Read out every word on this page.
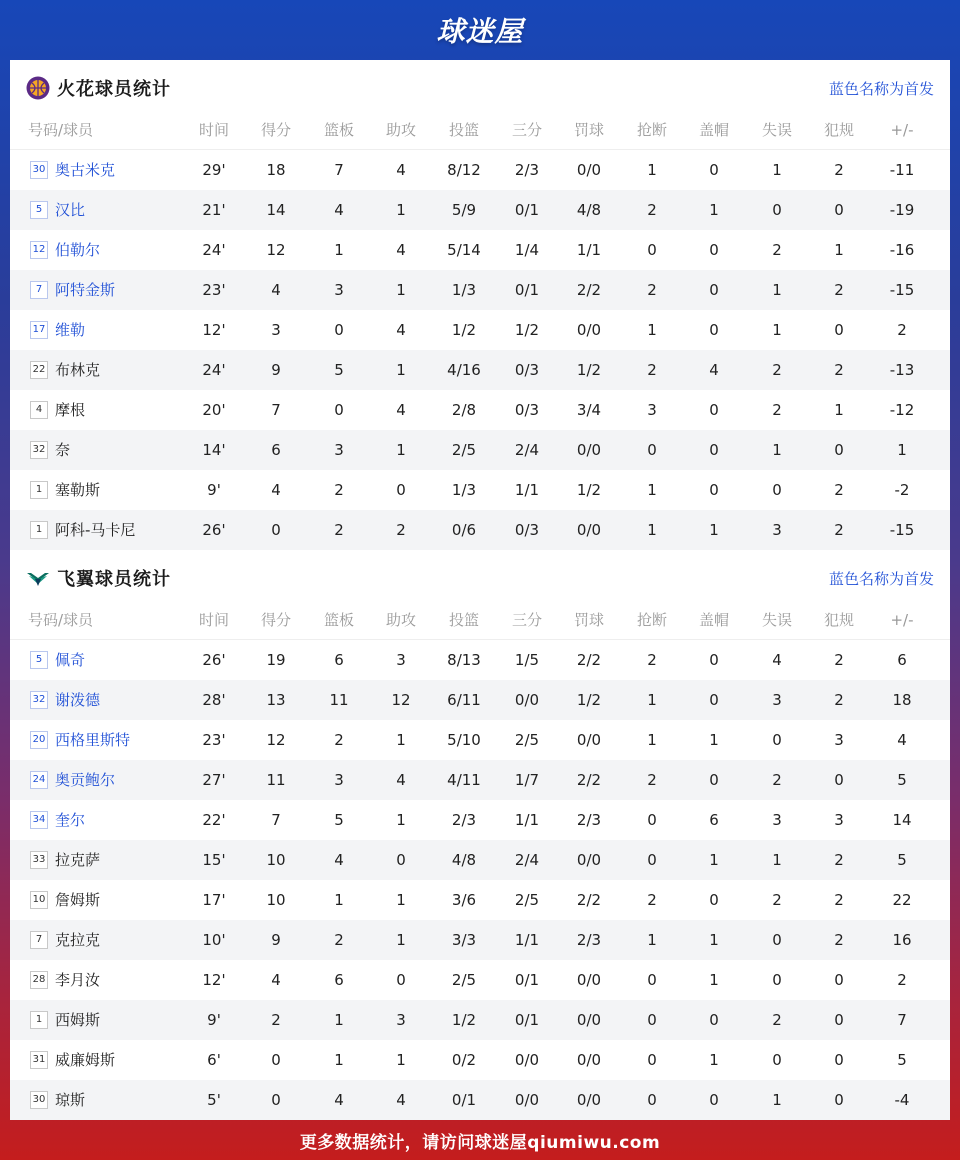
球迷屋
火花球员统计	蓝色名称为首发
号码/球员	时间	得分	篮板	助攻	投篮	三分	罚球	抢断	盖帽	失误	犯规	+/-
30 奥古米克	29'	18	7	4	8/12	2/3	0/0	1	0	1	2	-11
5 汉比	21'	14	4	1	5/9	0/1	4/8	2	1	0	0	-19
12 伯勒尔	24'	12	1	4	5/14	1/4	1/1	0	0	2	1	-16
7 阿特金斯	23'	4	3	1	1/3	0/1	2/2	2	0	1	2	-15
17 维勒	12'	3	0	4	1/2	1/2	0/0	1	0	1	0	2
22 布林克	24'	9	5	1	4/16	0/3	1/2	2	4	2	2	-13
4 摩根	20'	7	0	4	2/8	0/3	3/4	3	0	2	1	-12
32 奈	14'	6	3	1	2/5	2/4	0/0	0	0	1	0	1
1 塞勒斯	9'	4	2	0	1/3	1/1	1/2	1	0	0	2	-2
1 阿科-马卡尼	26'	0	2	2	0/6	0/3	0/0	1	1	3	2	-15
飞翼球员统计	蓝色名称为首发
号码/球员	时间	得分	篮板	助攻	投篮	三分	罚球	抢断	盖帽	失误	犯规	+/-
5 佩奇	26'	19	6	3	8/13	1/5	2/2	2	0	4	2	6
32 谢泼德	28'	13	11	12	6/11	0/0	1/2	1	0	3	2	18
20 西格里斯特	23'	12	2	1	5/10	2/5	0/0	1	1	0	3	4
24 奥贡鲍尔	27'	11	3	4	4/11	1/7	2/2	2	0	2	0	5
34 奎尔	22'	7	5	1	2/3	1/1	2/3	0	6	3	3	14
33 拉克萨	15'	10	4	0	4/8	2/4	0/0	0	1	1	2	5
10 詹姆斯	17'	10	1	1	3/6	2/5	2/2	2	0	2	2	22
7 克拉克	10'	9	2	1	3/3	1/1	2/3	1	1	0	2	16
28 李月汝	12'	4	6	0	2/5	0/1	0/0	0	1	0	0	2
1 西姆斯	9'	2	1	3	1/2	0/1	0/0	0	0	2	0	7
31 威廉姆斯	6'	0	1	1	0/2	0/0	0/0	0	1	0	0	5
30 琼斯	5'	0	4	4	0/1	0/0	0/0	0	0	1	0	-4
更多数据统计，请访问球迷屋qiumiwu.com
